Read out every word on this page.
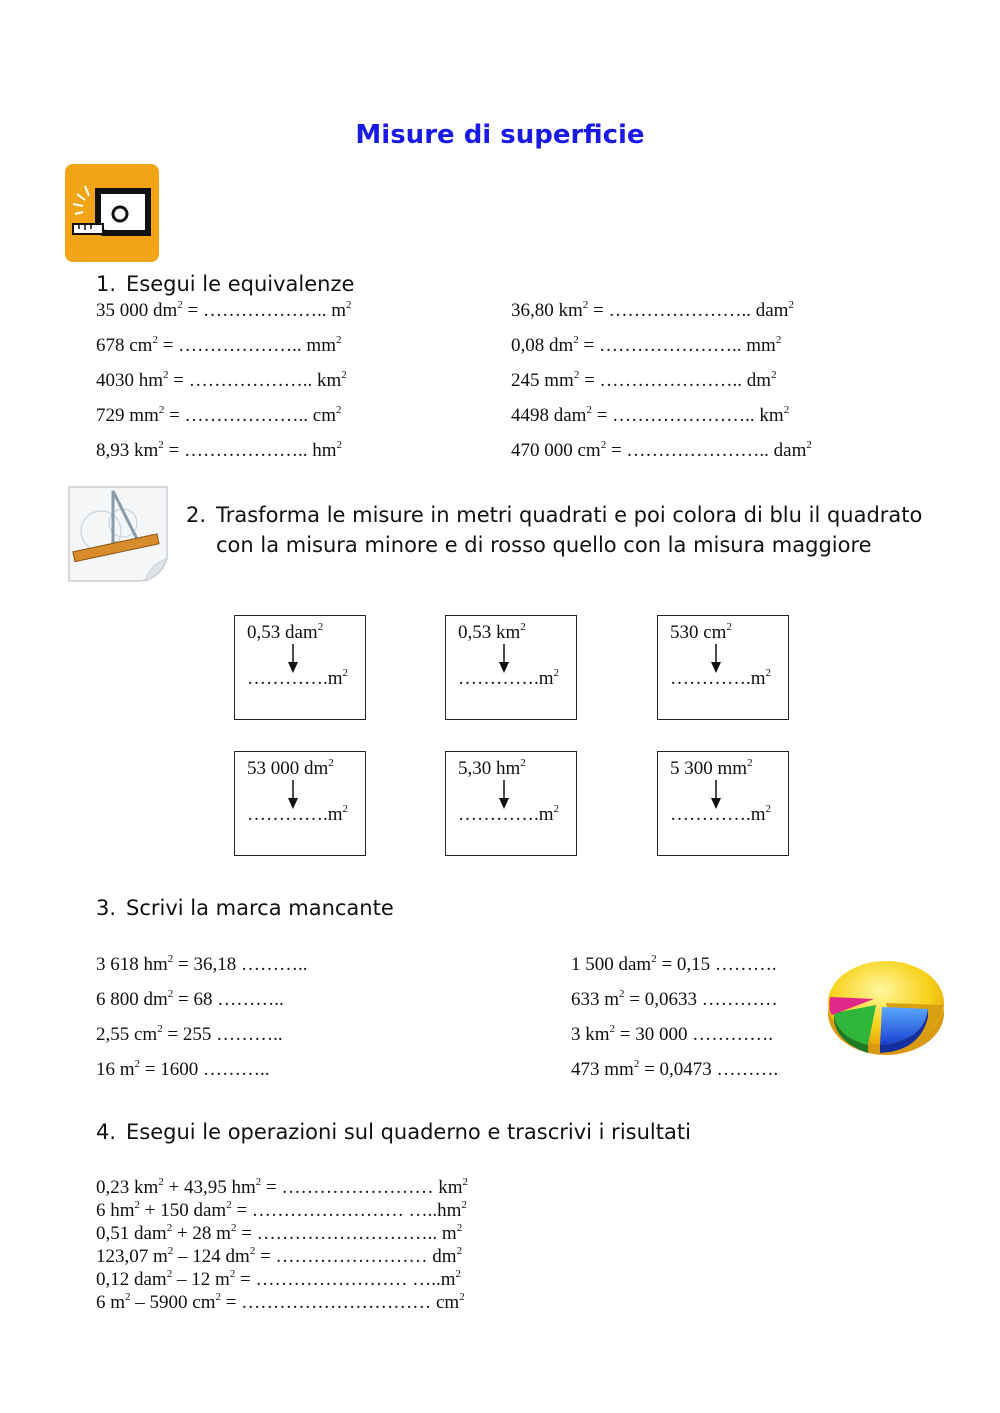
Misure di superficie
1. Esegui le equivalenze
35 000 $dm^2$ = ……………….. $m^2$
678 $cm^2$ = ……………….. $mm^2$
4030 $hm^2$ = ……………….. $km^2$
729 $mm^2$ = ……………….. $cm^2$
8,93 $km^2$ = ……………….. $hm^2$
36,80 $km^2$ = ………………….. dam$^2$
0,08 $dm^2$ = ………………….. $mm^2$
245 $mm^2$ = ………………….. $dm^2$
4498 dam$^2$ = ………………….. $km^2$
470 000 $cm^2$ = ………………….. dam$^2$
2. Trasforma le misure in metri quadrati e poi colora di blu il quadrato
con la misura minore e di rosso quello con la misura maggiore
0,53 dam$^2$
$\dots\dots\dots\dots.m^2$
0,53 $km^2$
$\dots\dots\dots\dots.m^2$
530 $cm^2$
$\dots\dots\dots\dots.m^2$
53 000 $dm^2$
$\dots\dots\dots\dots.m^2$
5,30 $hm^2$
$\dots\dots\dots\dots.m^2$
5 300 $mm^2$
$\dots\dots\dots\dots.m^2$
3. Scrivi la marca mancante
3 618 $hm^2 = 36,18$ ………..
6 800 $dm^2 = 68$ ………..
2,55 $cm^2 = 255$ ………..
16 $m^2 = 1600$ ………..
1 500 dam$^2$ = 0,15 ……….
633 $m^2 = 0,0633$ …………
3 $km^2 = 30$ 000 ………….
473 $mm^2 = 0,0473$ ……….
4. Esegui le operazioni sul quaderno e trascrivi i risultati
0,23 $km^2 + 43,95$ $hm^2$ = …………………… $km^2$
6 $hm^2 + 150$ dam$^2$ = …………………… $\dots..hm^2$
0,51 dam$^2$ + 28 $m^2$ = ……………………….. $m^2$
123,07 $m^2 - 124$ $dm^2$ = …………………… $dm^2$
0,12 dam$^2$ – 12 $m^2$ = …………………… $\dots..m^2$
6 $m^2 - 5900$ $cm^2$ = ………………………… $cm^2$
